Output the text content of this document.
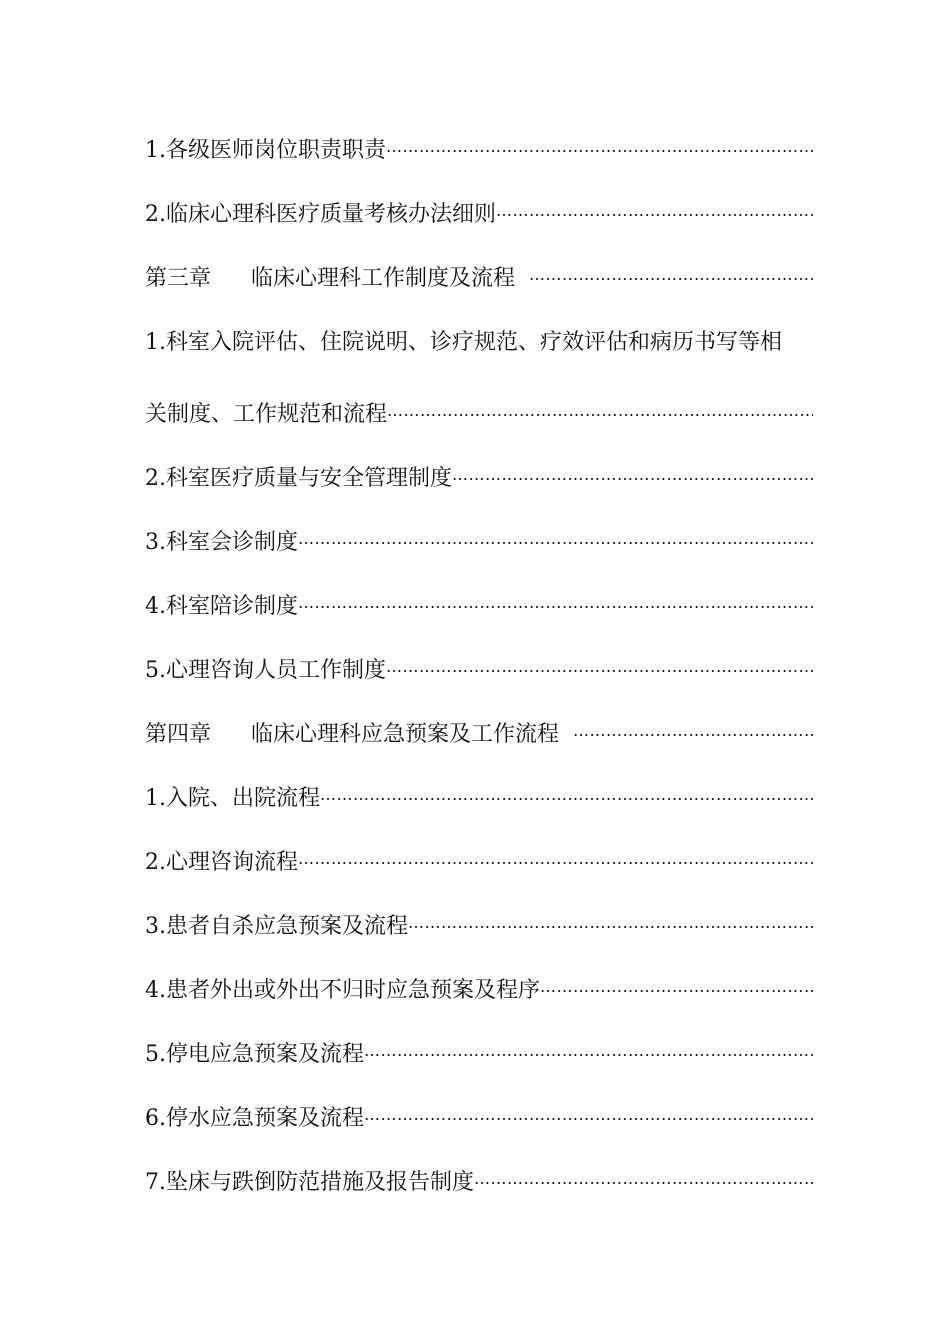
1.各级医师岗位职责职责
………………………………………………………………………………………………………………………………
2.临床心理科医疗质量考核办法细则
………………………………………………………………………………………………………………………………
第三章 临床心理科工作制度及流程
………………………………………………………………………………………………………………………………
1.科室入院评估、住院说明、诊疗规范、疗效评估和病历书写等相
关制度、工作规范和流程
………………………………………………………………………………………………………………………………
2.科室医疗质量与安全管理制度
………………………………………………………………………………………………………………………………
3.科室会诊制度
………………………………………………………………………………………………………………………………
4.科室陪诊制度
………………………………………………………………………………………………………………………………
5.心理咨询人员工作制度
………………………………………………………………………………………………………………………………
第四章 临床心理科应急预案及工作流程
………………………………………………………………………………………………………………………………
1.入院、出院流程
………………………………………………………………………………………………………………………………
2.心理咨询流程
………………………………………………………………………………………………………………………………
3.患者自杀应急预案及流程
………………………………………………………………………………………………………………………………
4.患者外出或外出不归时应急预案及程序
………………………………………………………………………………………………………………………………
5.停电应急预案及流程
………………………………………………………………………………………………………………………………
6.停水应急预案及流程
………………………………………………………………………………………………………………………………
7.坠床与跌倒防范措施及报告制度
………………………………………………………………………………………………………………………………
